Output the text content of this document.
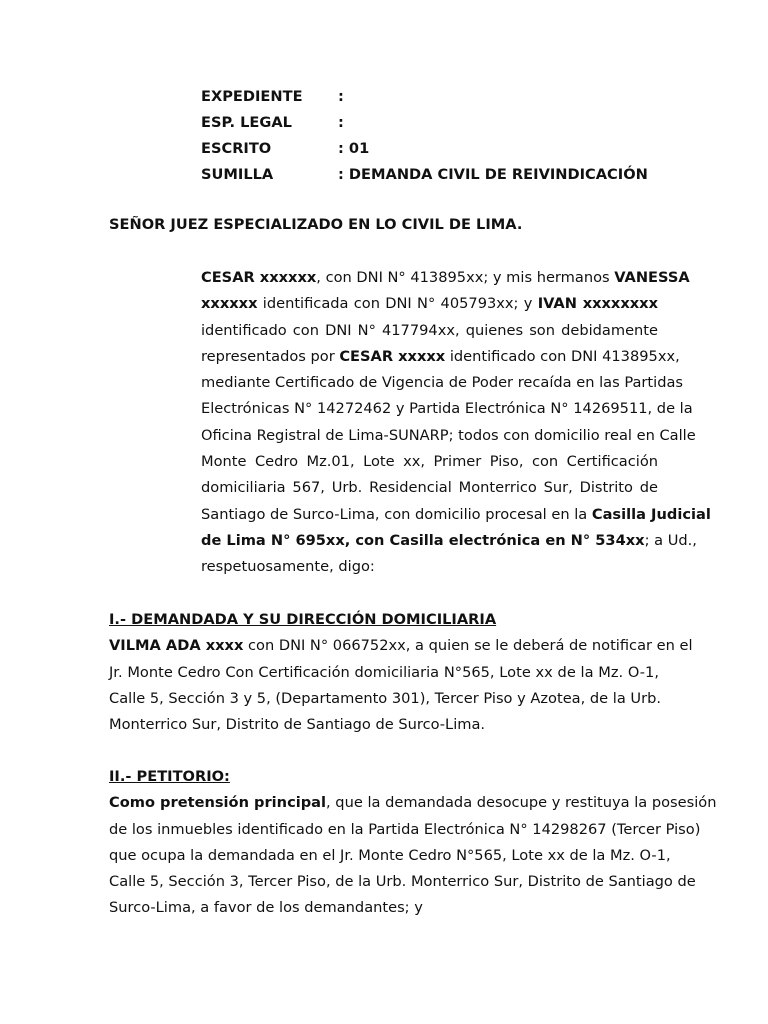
EXPEDIENTE	:
ESP. LEGAL	:
ESCRITO	: 01
SUMILLA	: DEMANDA CIVIL DE REIVINDICACIÓN
SEÑOR JUEZ ESPECIALIZADO EN LO CIVIL DE LIMA.
CESAR xxxxxx, con DNI N° 413895xx; y mis hermanos VANESSA
xxxxxx identificada con DNI N° 405793xx; y IVAN xxxxxxxx
identificado con DNI N° 417794xx, quienes son debidamente
representados por CESAR xxxxx identificado con DNI 413895xx,
mediante Certificado de Vigencia de Poder recaída en las Partidas
Electrónicas N° 14272462 y Partida Electrónica N° 14269511, de la
Oficina Registral de Lima-SUNARP; todos con domicilio real en Calle
Monte Cedro Mz.01, Lote xx, Primer Piso, con Certificación
domiciliaria 567, Urb. Residencial Monterrico Sur, Distrito de
Santiago de Surco-Lima, con domicilio procesal en la Casilla Judicial
de Lima N° 695xx, con Casilla electrónica en N° 534xx; a Ud.,
respetuosamente, digo:
I.- DEMANDADA Y SU DIRECCIÓN DOMICILIARIA
VILMA ADA xxxx con DNI N° 066752xx, a quien se le deberá de notificar en el
Jr. Monte Cedro Con Certificación domiciliaria N°565, Lote xx de la Mz. O-1,
Calle 5, Sección 3 y 5, (Departamento 301), Tercer Piso y Azotea, de la Urb.
Monterrico Sur, Distrito de Santiago de Surco-Lima.
II.- PETITORIO:
Como pretensión principal, que la demandada desocupe y restituya la posesión
de los inmuebles identificado en la Partida Electrónica N° 14298267 (Tercer Piso)
que ocupa la demandada en el Jr. Monte Cedro N°565, Lote xx de la Mz. O-1,
Calle 5, Sección 3, Tercer Piso, de la Urb. Monterrico Sur, Distrito de Santiago de
Surco-Lima, a favor de los demandantes; y
